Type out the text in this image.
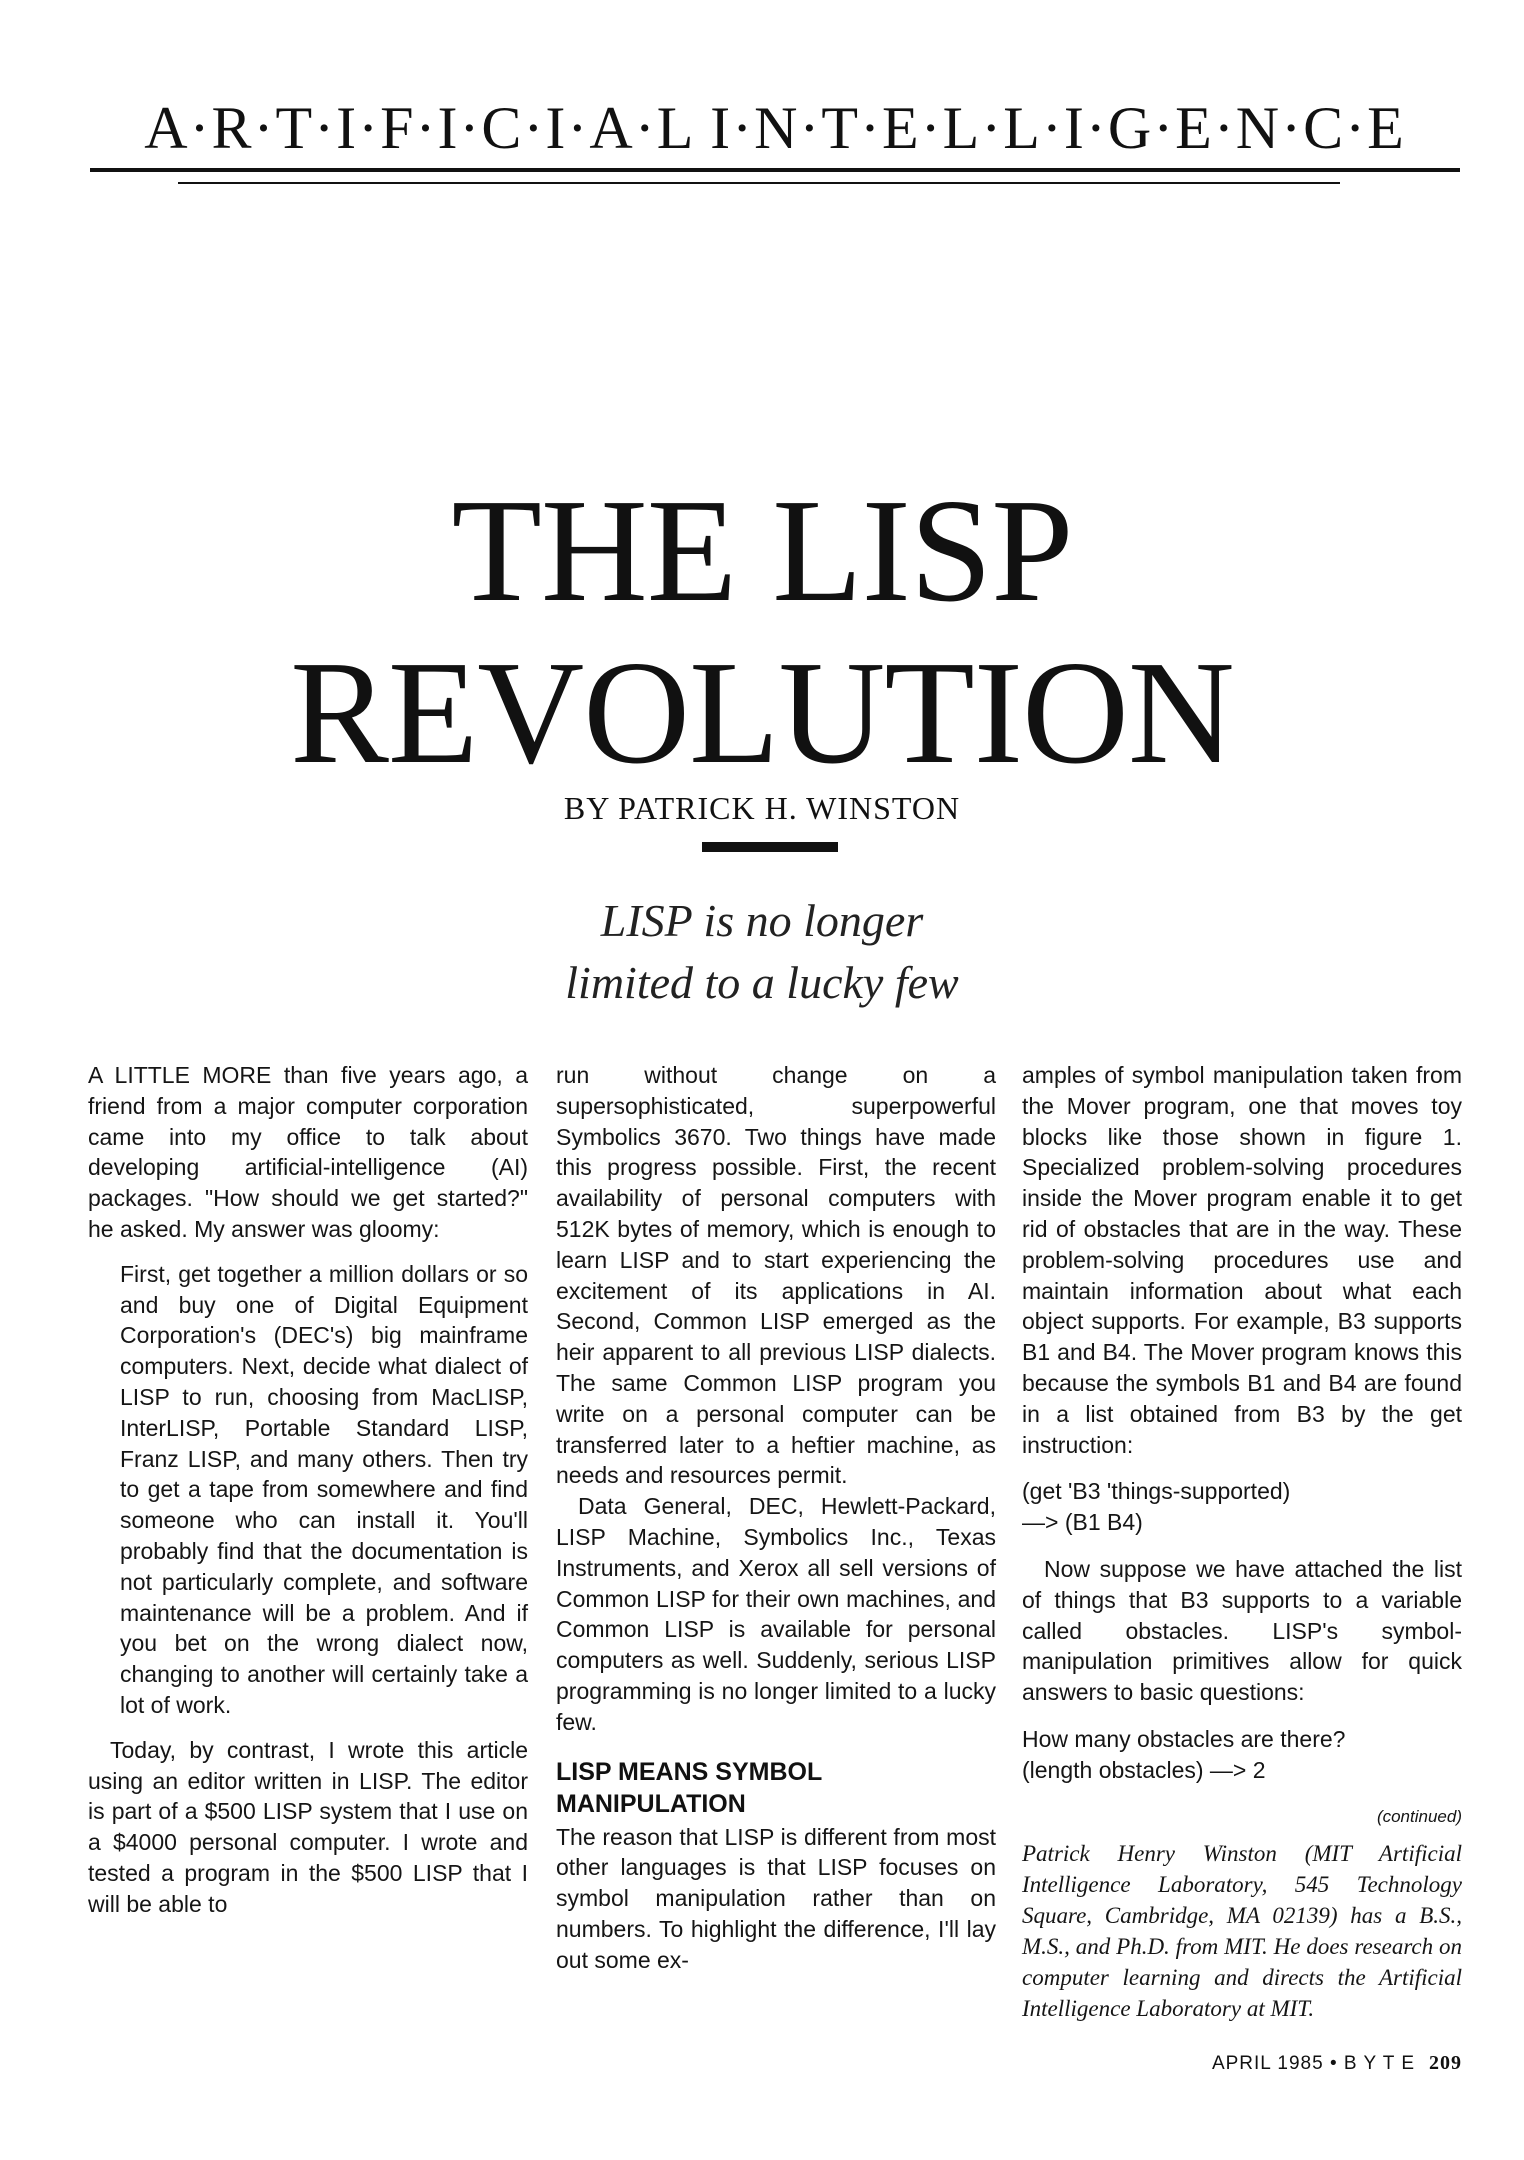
A·R·T·I·F·I·C·I·A·L I·N·T·E·L·L·I·G·E·N·C·E
THE LISP
REVOLUTION
BY PATRICK H. WINSTON
LISP is no longer
limited to a lucky few

A LITTLE MORE than five years ago, a friend from a major computer corporation came into my office to talk about developing artificial-intelligence (AI) packages. "How should we get started?" he asked. My answer was gloomy:

First, get together a million dollars or so and buy one of Digital Equipment Corporation's (DEC's) big mainframe computers. Next, decide what dialect of LISP to run, choosing from MacLISP, InterLISP, Portable Standard LISP, Franz LISP, and many others. Then try to get a tape from somewhere and find someone who can install it. You'll probably find that the documentation is not particularly complete, and software maintenance will be a problem. And if you bet on the wrong dialect now, changing to another will certainly take a lot of work.

Today, by contrast, I wrote this article using an editor written in LISP. The editor is part of a $500 LISP system that I use on a $4000 personal computer. I wrote and tested a program in the $500 LISP that I will be able to

run without change on a supersophisticated, superpowerful Symbolics 3670. Two things have made this progress possible. First, the recent availability of personal computers with 512K bytes of memory, which is enough to learn LISP and to start experiencing the excitement of its applications in AI. Second, Common LISP emerged as the heir apparent to all previous LISP dialects. The same Common LISP program you write on a personal computer can be transferred later to a heftier machine, as needs and resources permit.

Data General, DEC, Hewlett-Packard, LISP Machine, Symbolics Inc., Texas Instruments, and Xerox all sell versions of Common LISP for their own machines, and Common LISP is available for personal computers as well. Suddenly, serious LISP programming is no longer limited to a lucky few.

LISP MEANS SYMBOL
MANIPULATION

The reason that LISP is different from most other languages is that LISP focuses on symbol manipulation rather than on numbers. To highlight the difference, I'll lay out some ex-

amples of symbol manipulation taken from the Mover program, one that moves toy blocks like those shown in figure 1. Specialized problem-solving procedures inside the Mover program enable it to get rid of obstacles that are in the way. These problem-solving procedures use and maintain information about what each object supports. For example, B3 supports B1 and B4. The Mover program knows this because the symbols B1 and B4 are found in a list obtained from B3 by the get instruction:

(get 'B3 'things-supported)
—> (B1 B4)

Now suppose we have attached the list of things that B3 supports to a variable called obstacles. LISP's symbol-manipulation primitives allow for quick answers to basic questions:

How many obstacles are there?
(length obstacles) —> 2

(continued)

Patrick Henry Winston (MIT Artificial Intelligence Laboratory, 545 Technology Square, Cambridge, MA 02139) has a B.S., M.S., and Ph.D. from MIT. He does research on computer learning and directs the Artificial Intelligence Laboratory at MIT.

APRIL 1985 • B Y T E 209
